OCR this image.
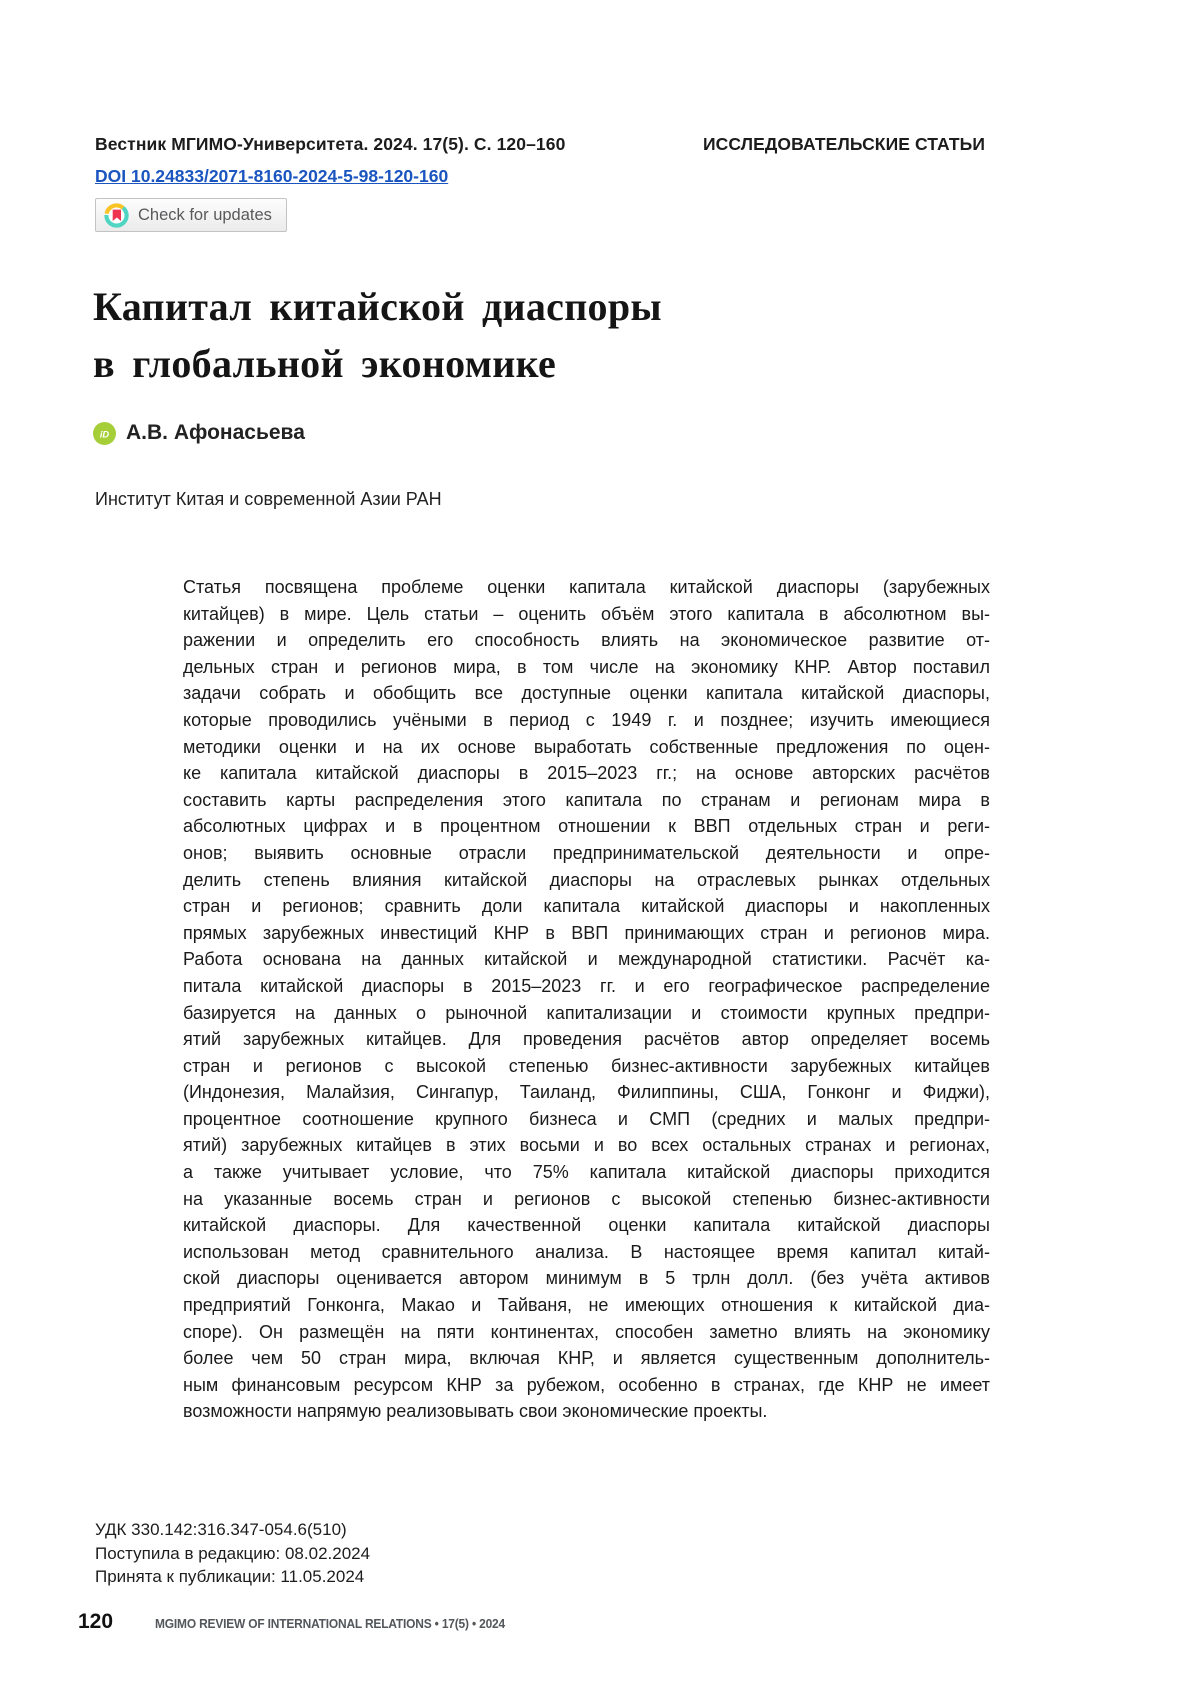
Вестник МГИМО-Университета. 2024. 17(5). С. 120–160	ИССЛЕДОВАТЕЛЬСКИЕ СТАТЬИ
DOI 10.24833/2071-8160-2024-5-98-120-160
Check for updates
Капитал китайской диаспоры
в глобальной экономике
iD А.В. Афонасьева
Институт Китая и современной Азии РАН
Статья посвящена проблеме оценки капитала китайской диаспоры (зарубежных
китайцев) в мире. Цель статьи – оценить объём этого капитала в абсолютном вы-
ражении и определить его способность влиять на экономическое развитие от-
дельных стран и регионов мира, в том числе на экономику КНР. Автор поставил
задачи собрать и обобщить все доступные оценки капитала китайской диаспоры,
которые проводились учёными в период с 1949 г. и позднее; изучить имеющиеся
методики оценки и на их основе выработать собственные предложения по оцен-
ке капитала китайской диаспоры в 2015–2023 гг.; на основе авторских расчётов
составить карты распределения этого капитала по странам и регионам мира в
абсолютных цифрах и в процентном отношении к ВВП отдельных стран и реги-
онов; выявить основные отрасли предпринимательской деятельности и опре-
делить степень влияния китайской диаспоры на отраслевых рынках отдельных
стран и регионов; сравнить доли капитала китайской диаспоры и накопленных
прямых зарубежных инвестиций КНР в ВВП принимающих стран и регионов мира.
Работа основана на данных китайской и международной статистики. Расчёт ка-
питала китайской диаспоры в 2015–2023 гг. и его географическое распределение
базируется на данных о рыночной капитализации и стоимости крупных предпри-
ятий зарубежных китайцев. Для проведения расчётов автор определяет восемь
стран и регионов с высокой степенью бизнес-активности зарубежных китайцев
(Индонезия, Малайзия, Сингапур, Таиланд, Филиппины, США, Гонконг и Фиджи),
процентное соотношение крупного бизнеса и СМП (средних и малых предпри-
ятий) зарубежных китайцев в этих восьми и во всех остальных странах и регионах,
а также учитывает условие, что 75% капитала китайской диаспоры приходится
на указанные восемь стран и регионов с высокой степенью бизнес-активности
китайской диаспоры. Для качественной оценки капитала китайской диаспоры
использован метод сравнительного анализа. В настоящее время капитал китай-
ской диаспоры оценивается автором минимум в 5 трлн долл. (без учёта активов
предприятий Гонконга, Макао и Тайваня, не имеющих отношения к китайской диа-
споре). Он размещён на пяти континентах, способен заметно влиять на экономику
более чем 50 стран мира, включая КНР, и является существенным дополнитель-
ным финансовым ресурсом КНР за рубежом, особенно в странах, где КНР не имеет
возможности напрямую реализовывать свои экономические проекты.
УДК 330.142:316.347-054.6(510)
Поступила в редакцию: 08.02.2024
Принята к публикации: 11.05.2024
120	MGIMO REVIEW OF INTERNATIONAL RELATIONS • 17(5) • 2024
